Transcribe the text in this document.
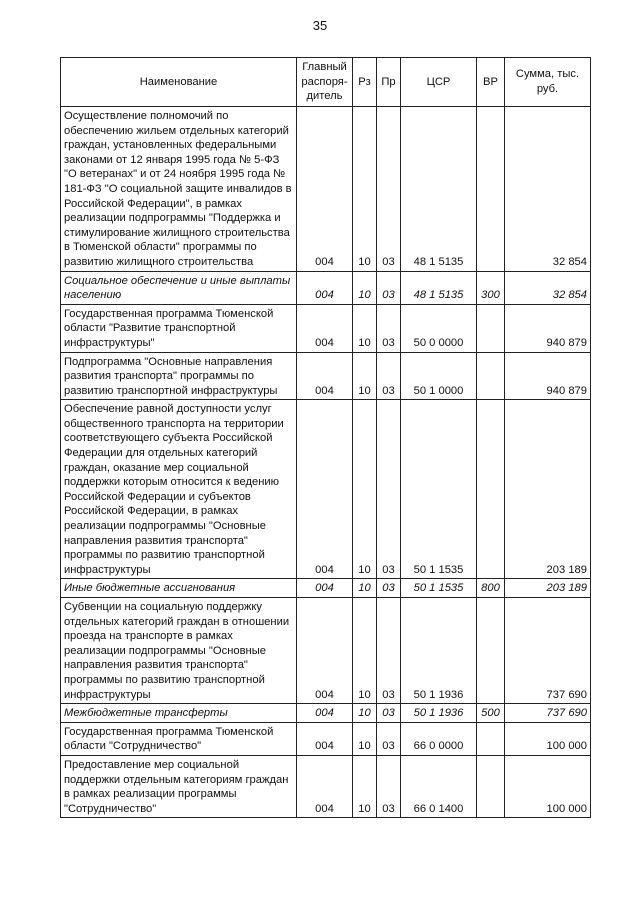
35
Наименование	Главный распоря-дитель	Рз	Пр	ЦСР	ВР	Сумма, тыс. руб.
Осуществление полномочий по обеспечению жильем отдельных категорий граждан, установленных федеральными законами от 12 января 1995 года № 5-ФЗ "О ветеранах" и от 24 ноября 1995 года № 181-ФЗ "О социальной защите инвалидов в Российской Федерации", в рамках реализации подпрограммы "Поддержка и стимулирование жилищного строительства в Тюменской области" программы по развитию жилищного строительства	004	10	03	48 1 5135		32 854
Социальное обеспечение и иные выплаты населению	004	10	03	48 1 5135	300	32 854
Государственная программа Тюменской области "Развитие транспортной инфраструктуры"	004	10	03	50 0 0000		940 879
Подпрограмма "Основные направления развития транспорта" программы по развитию транспортной инфраструктуры	004	10	03	50 1 0000		940 879
Обеспечение равной доступности услуг общественного транспорта на территории соответствующего субъекта Российской Федерации для отдельных категорий граждан, оказание мер социальной поддержки которым относится к ведению Российской Федерации и субъектов Российской Федерации, в рамках реализации подпрограммы "Основные направления развития транспорта" программы по развитию транспортной инфраструктуры	004	10	03	50 1 1535		203 189
Иные бюджетные ассигнования	004	10	03	50 1 1535	800	203 189
Субвенции на социальную поддержку отдельных категорий граждан в отношении проезда на транспорте в рамках реализации подпрограммы "Основные направления развития транспорта" программы по развитию транспортной инфраструктуры	004	10	03	50 1 1936		737 690
Межбюджетные трансферты	004	10	03	50 1 1936	500	737 690
Государственная программа Тюменской области "Сотрудничество"	004	10	03	66 0 0000		100 000
Предоставление мер социальной поддержки отдельным категориям граждан в рамках реализации программы "Сотрудничество"	004	10	03	66 0 1400		100 000
